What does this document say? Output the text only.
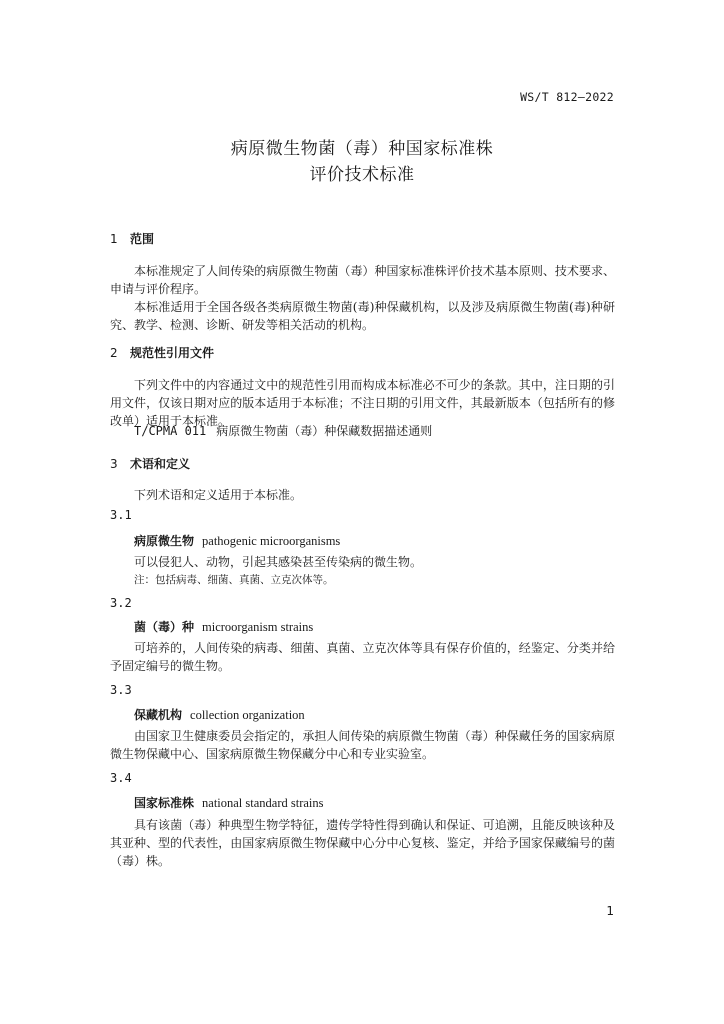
WS/T 812—2022
病原微生物菌（毒）种国家标准株
评价技术标准
1 范围
本标准规定了人间传染的病原微生物菌（毒）种国家标准株评价技术基本原则、技术要求、申请与评价程序。
本标准适用于全国各级各类病原微生物菌(毒)种保藏机构，以及涉及病原微生物菌(毒)种研究、教学、检测、诊断、研发等相关活动的机构。
2 规范性引用文件
下列文件中的内容通过文中的规范性引用而构成本标准必不可少的条款。其中，注日期的引用文件，仅该日期对应的版本适用于本标准；不注日期的引用文件，其最新版本（包括所有的修改单）适用于本标准。
T/CPMA 011 病原微生物菌（毒）种保藏数据描述通则
3 术语和定义
下列术语和定义适用于本标准。
3.1
病原微生物 pathogenic microorganisms
可以侵犯人、动物，引起其感染甚至传染病的微生物。
注：包括病毒、细菌、真菌、立克次体等。
3.2
菌（毒）种 microorganism strains
可培养的，人间传染的病毒、细菌、真菌、立克次体等具有保存价值的，经鉴定、分类并给予固定编号的微生物。
3.3
保藏机构 collection organization
由国家卫生健康委员会指定的，承担人间传染的病原微生物菌（毒）种保藏任务的国家病原微生物保藏中心、国家病原微生物保藏分中心和专业实验室。
3.4
国家标准株 national standard strains
具有该菌（毒）种典型生物学特征，遗传学特性得到确认和保证、可追溯，且能反映该种及其亚种、型的代表性，由国家病原微生物保藏中心分中心复核、鉴定，并给予国家保藏编号的菌（毒）株。
1
